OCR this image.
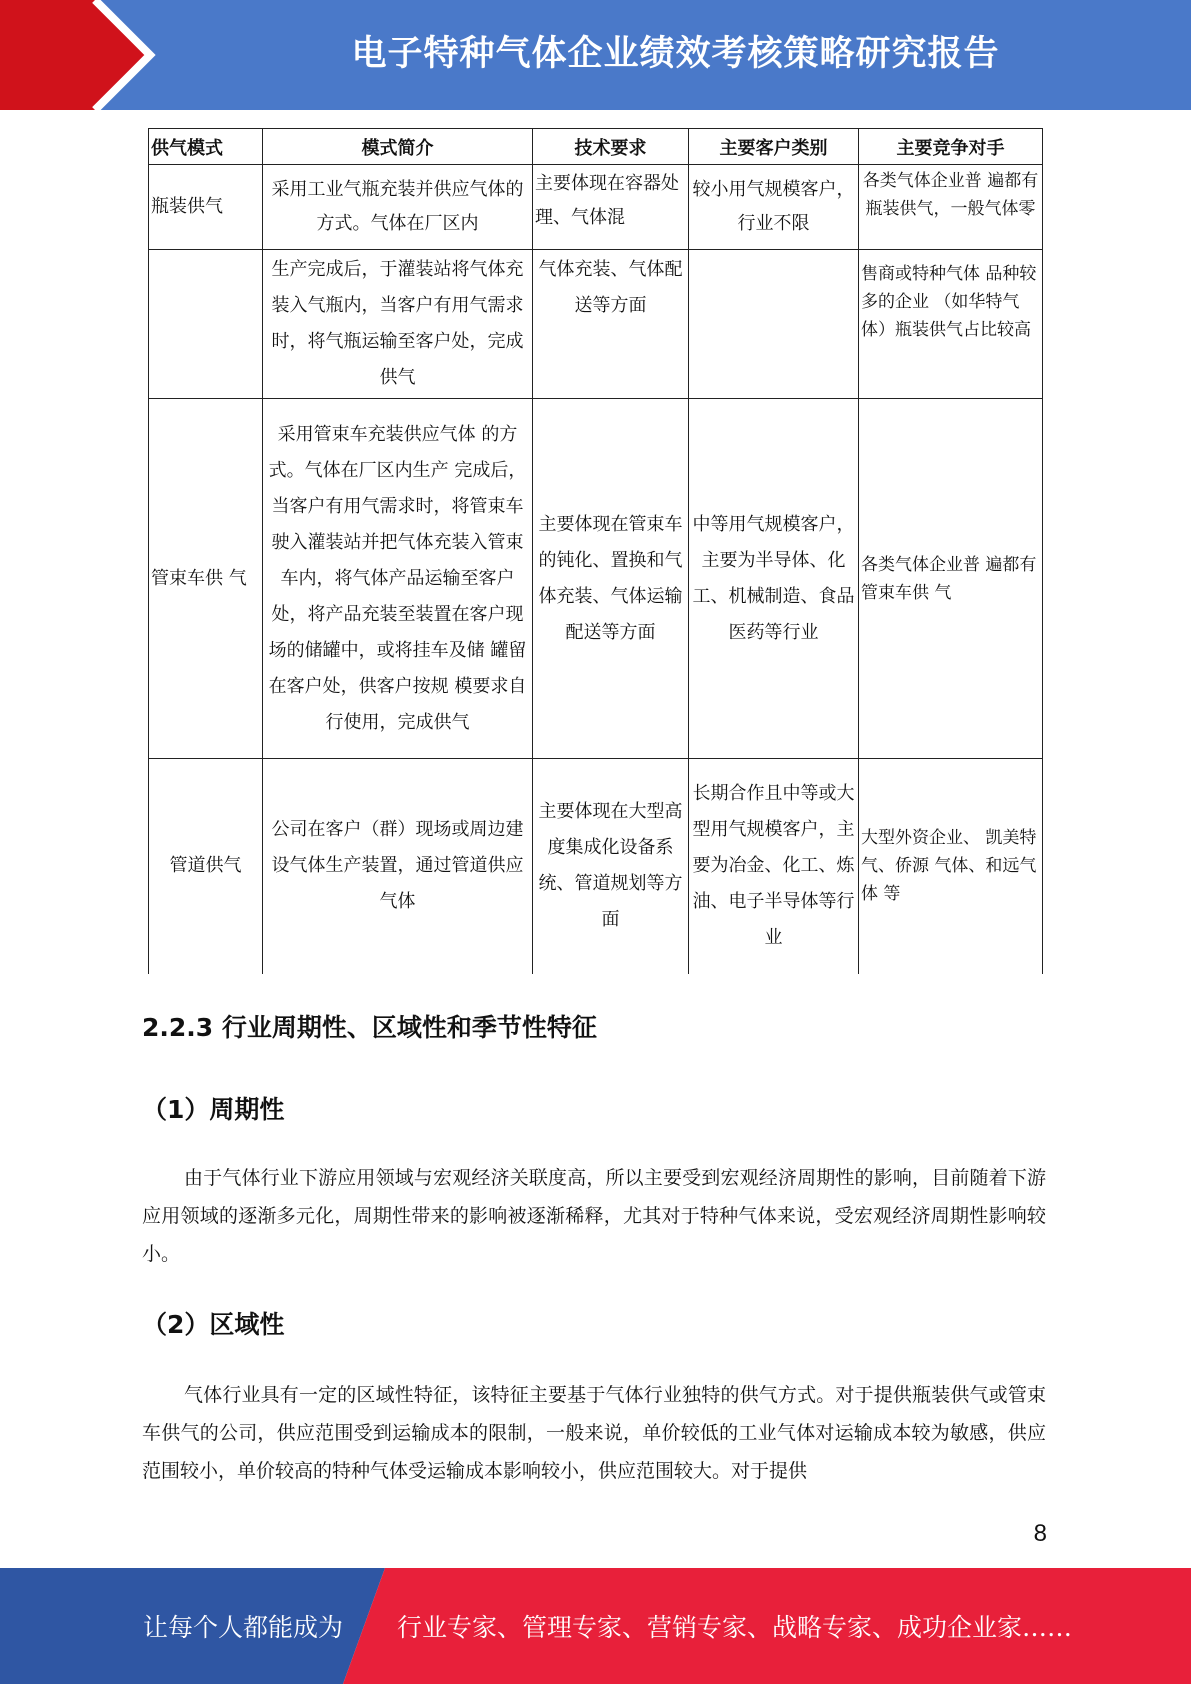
电子特种气体企业绩效考核策略研究报告
供气模式	模式简介	技术要求	主要客户类别	主要竞争对手
瓶装供气	采用工业气瓶充装并供应气体的方式。气体在厂区内	主要体现在容器处理、气体混	较小用气规模客户，行业不限	各类气体企业普 遍都有瓶装供气，一般气体零
	生产完成后，于灌装站将气体充装入气瓶内，当客户有用气需求时，将气瓶运输至客户处，完成供气	气体充装、气体配送等方面		售商或特种气体 品种较多的企业 （如华特气体）瓶装供气占比较高
管束车供 气	采用管束车充装供应气体 的方式。气体在厂区内生产 完成后，当客户有用气需求时，将管束车驶入灌装站并把气体充装入管束车内，将气体产品运输至客户处，将产品充装至装置在客户现 场的储罐中，或将挂车及储 罐留在客户处，供客户按规 模要求自行使用，完成供气	主要体现在管束车的钝化、置换和气体充装、气体运输配送等方面	中等用气规模客户，主要为半导体、化工、机械制造、食品医药等行业	各类气体企业普 遍都有管束车供 气
管道供气	公司在客户（群）现场或周边建设气体生产装置，通过管道供应气体	主要体现在大型高度集成化设备系统、管道规划等方面	长期合作且中等或大型用气规模客户，主要为冶金、化工、炼油、电子半导体等行业	大型外资企业、 凯美特气、侨源 气体、和远气体 等
2.2.3 行业周期性、区域性和季节性特征
（1）周期性

由于气体行业下游应用领域与宏观经济关联度高，所以主要受到宏观经济周期性的影响，目前随着下游应用领域的逐渐多元化，周期性带来的影响被逐渐稀释，尤其对于特种气体来说，受宏观经济周期性影响较小。

（2）区域性

气体行业具有一定的区域性特征，该特征主要基于气体行业独特的供气方式。对于提供瓶装供气或管束车供气的公司，供应范围受到运输成本的限制，一般来说，单价较低的工业气体对运输成本较为敏感，供应范围较小，单价较高的特种气体受运输成本影响较小，供应范围较大。对于提供

8
让每个人都能成为 行业专家、管理专家、营销专家、战略专家、成功企业家……
